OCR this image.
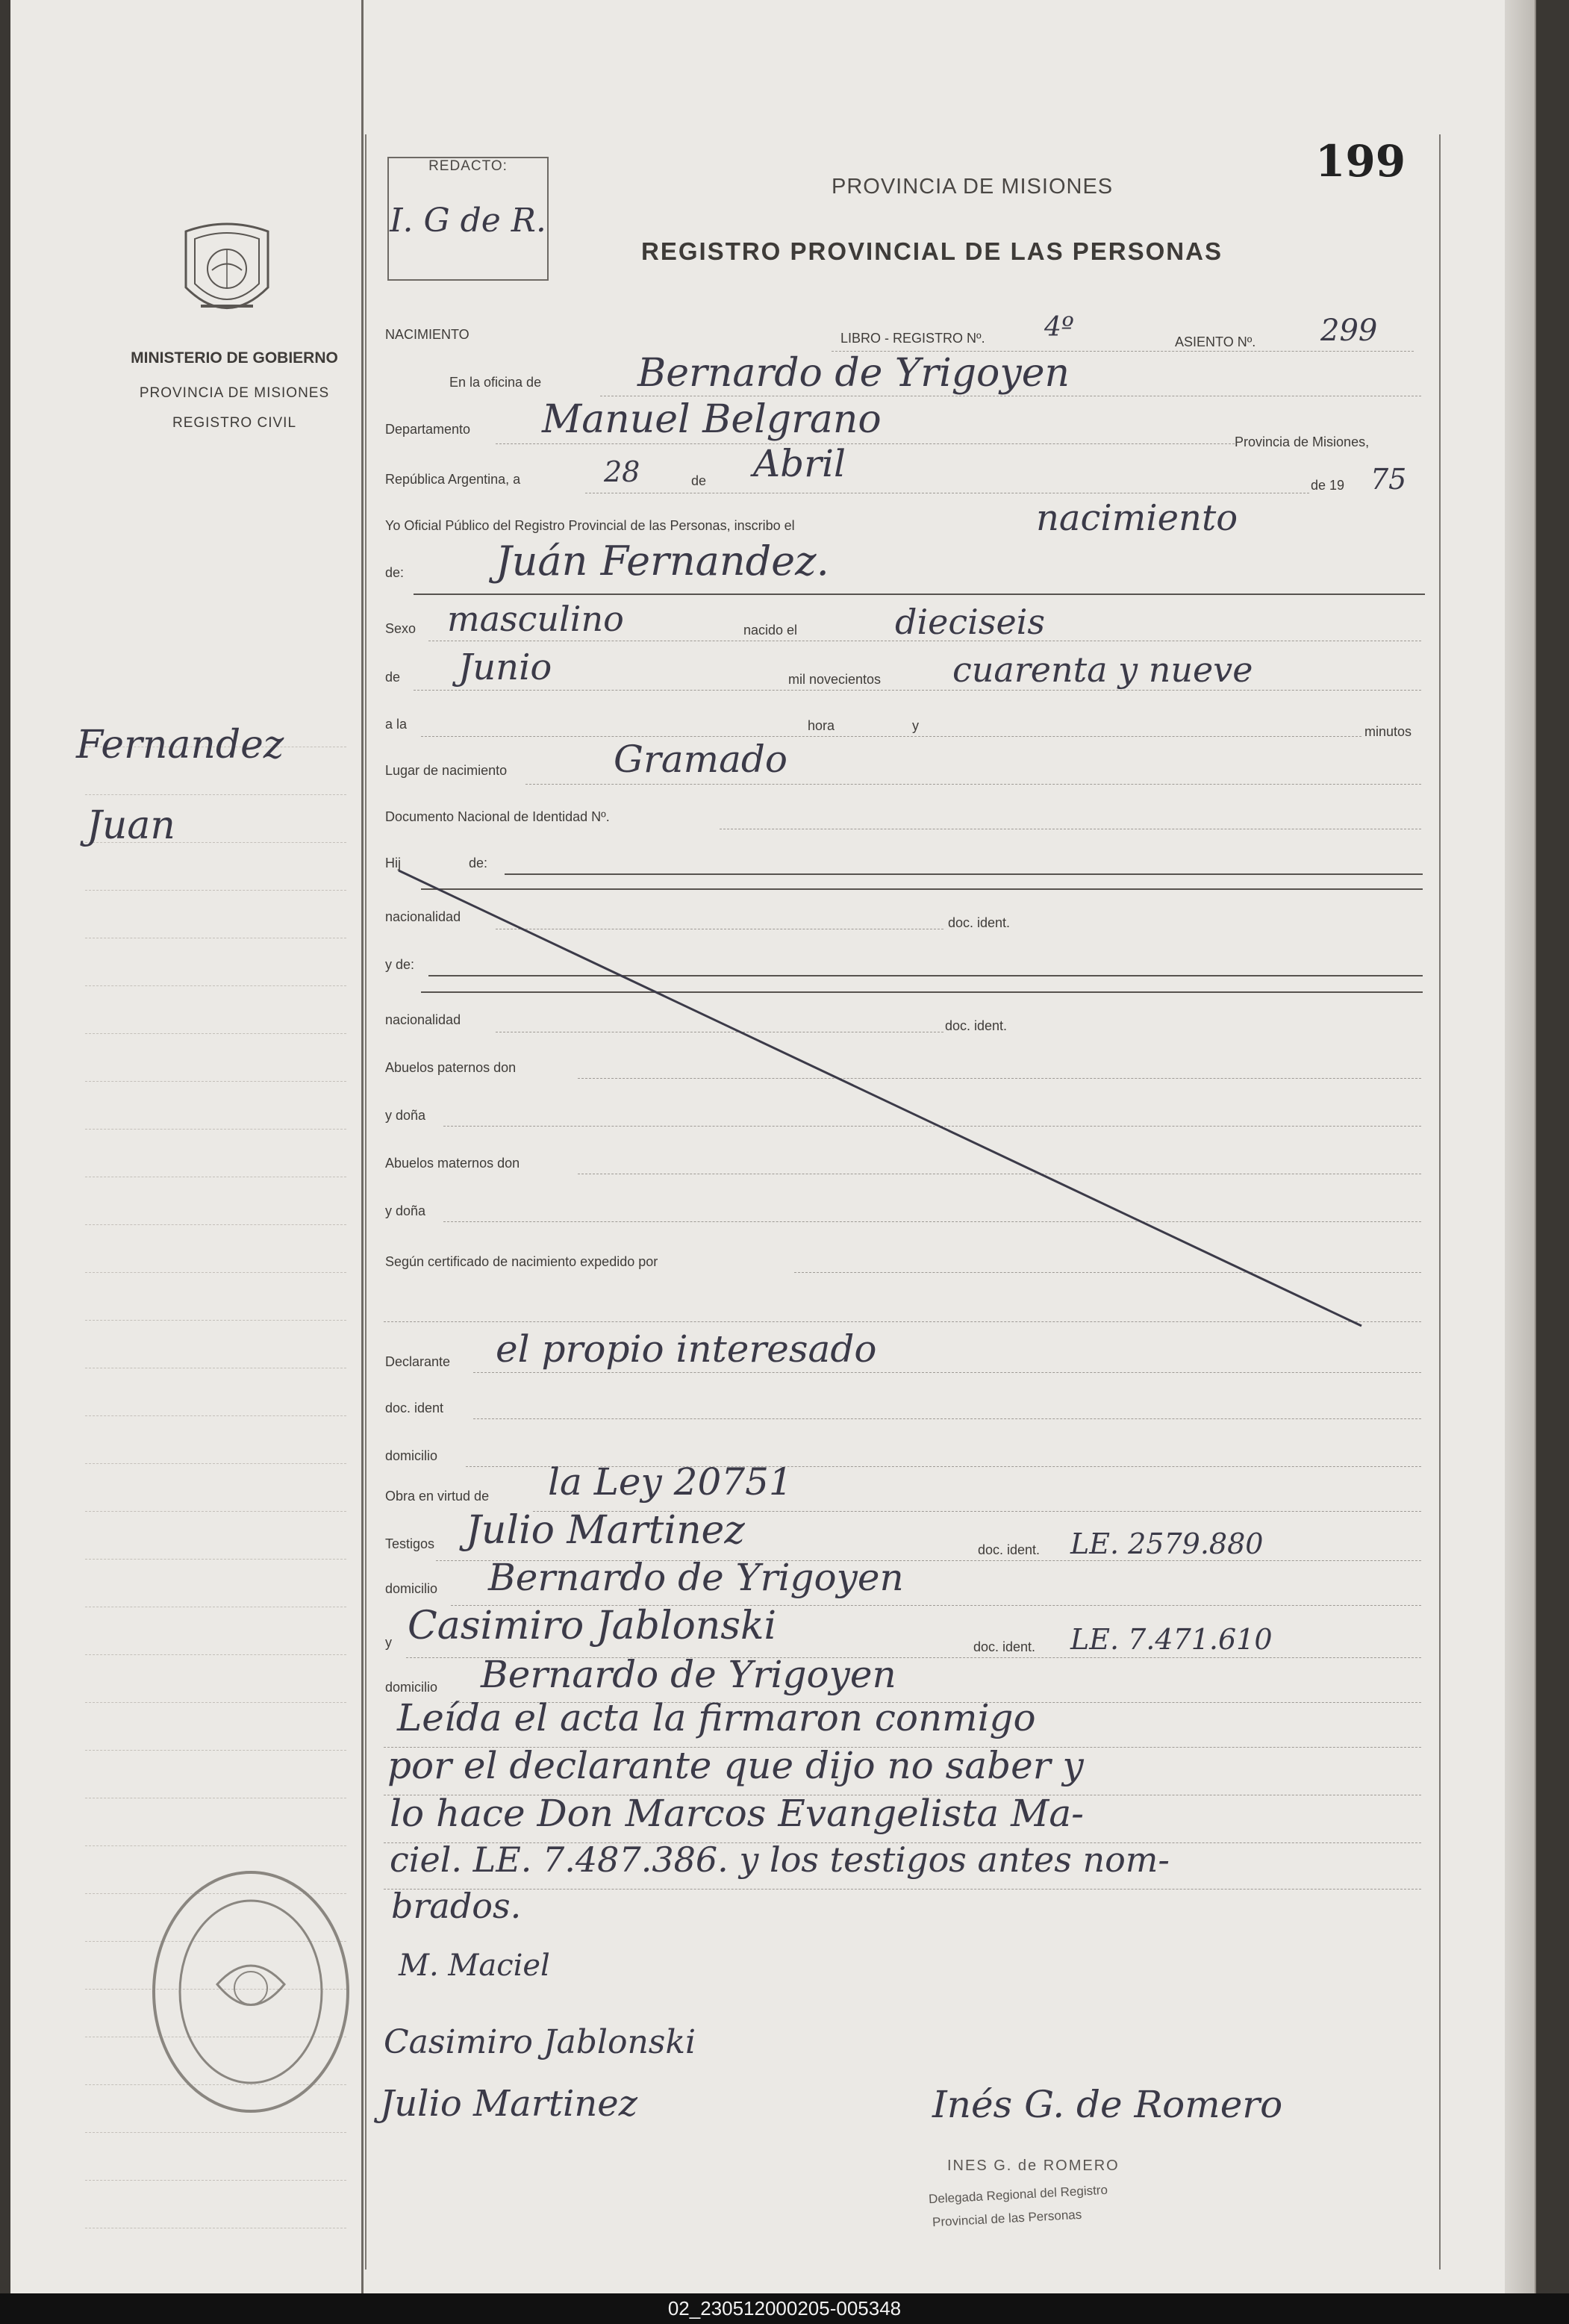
MINISTERIO DE GOBIERNO
PROVINCIA DE MISIONES
REGISTRO CIVIL
Fernandez
Juan
REDACTO:
I. G de R.
PROVINCIA DE MISIONES
REGISTRO PROVINCIAL DE LAS PERSONAS
199
NACIMIENTO	LIBRO - REGISTRO Nº. 4º	ASIENTO Nº. 299
En la oficina de Bernardo de Yrigoyen
Departamento Manuel Belgrano	Provincia de Misiones,
República Argentina, a	28	de Abril	de 19 75
Yo Oficial Público del Registro Provincial de las Personas, inscribo el	nacimiento
de: Juán Fernandez.
Sexo masculino	nacido el	dieciseis
de Junio	mil novecientos cuarenta y nueve
a la	hora	y	minutos
Lugar de nacimiento	Gramado
Documento Nacional de Identidad Nº.
Hij	de:
nacionalidad	doc. ident.
y de:
nacionalidad	doc. ident.
Abuelos paternos don
y doña
Abuelos maternos don
y doña
Según certificado de nacimiento expedido por
Declarante el propio interesado
doc. ident
domicilio
Obra en virtud de la Ley 20751
Testigos Julio Martinez	doc. ident. LE. 2579.880
domicilio Bernardo de Yrigoyen
y Casimiro Jablonski	doc. ident. LE. 7.471.610
domicilio Bernardo de Yrigoyen
Leída el acta la firmaron conmigo
por el declarante que dijo no saber y
lo hace Don Marcos Evangelista Ma-
ciel. LE. 7.487.386. y los testigos antes nom-
brados.
M. Maciel
Casimiro Jablonski
Julio Martinez	Inés G. de Romero
INES G. de ROMERO
Delegada Regional del Registro
Provincial de las Personas
02_230512000205-005348
